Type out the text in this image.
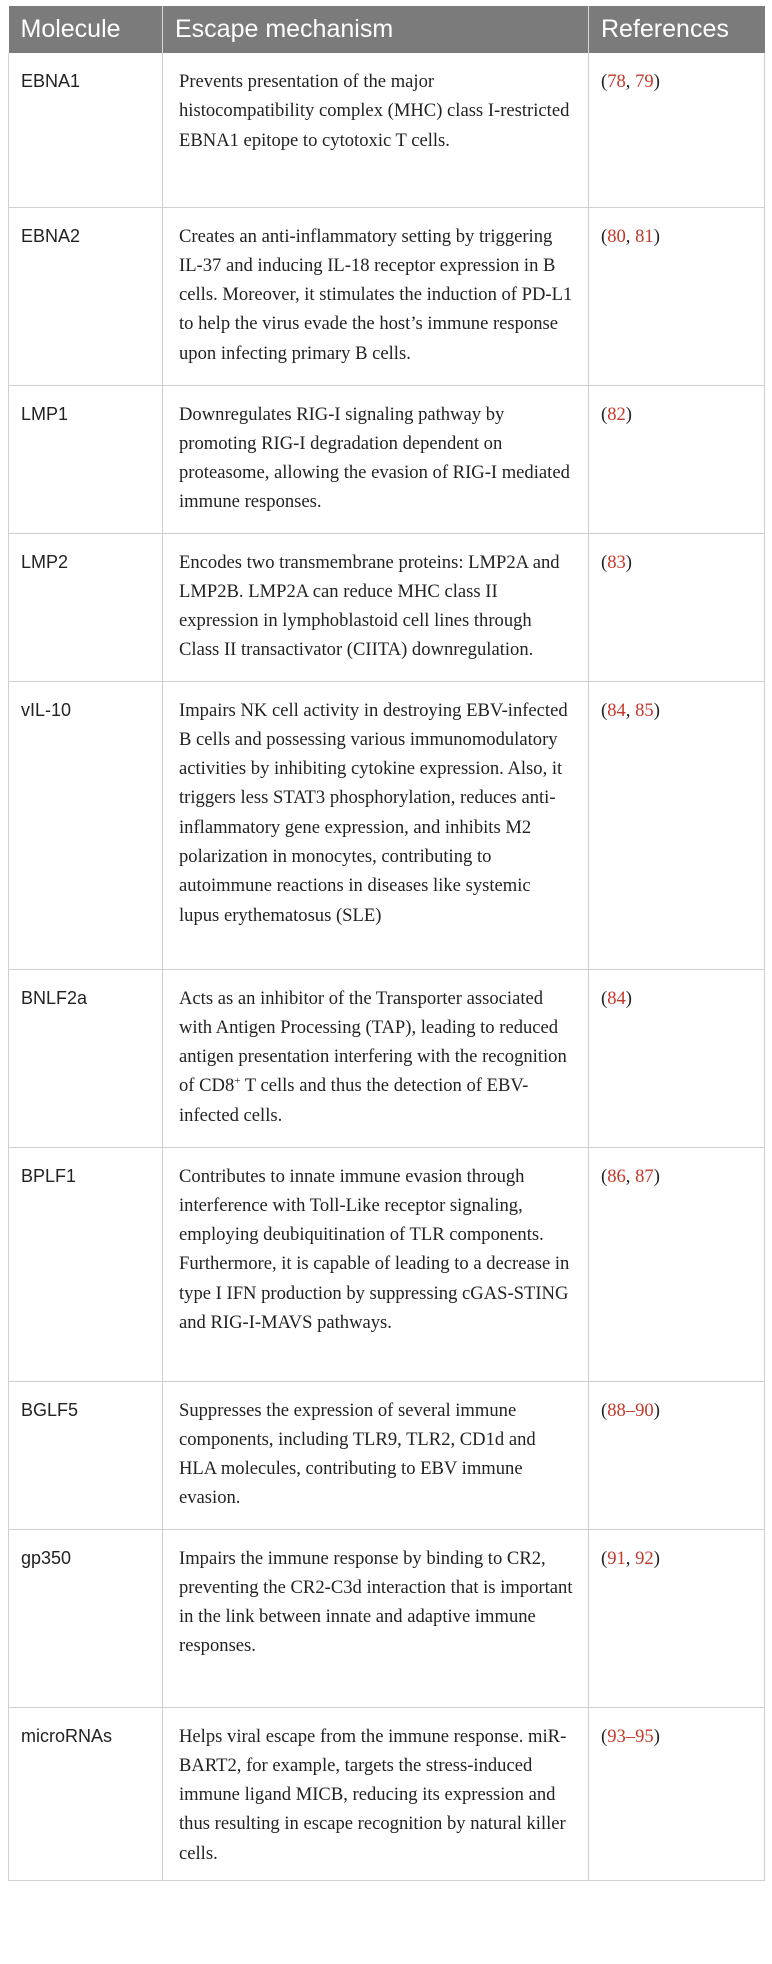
Molecule	Escape mechanism	References
EBNA1	Prevents presentation of the major histocompatibility complex (MHC) class I-restricted EBNA1 epitope to cytotoxic T cells.	(78, 79)
EBNA2	Creates an anti-inflammatory setting by triggering IL-37 and inducing IL-18 receptor expression in B cells. Moreover, it stimulates the induction of PD-L1 to help the virus evade the host’s immune response upon infecting primary B cells.	(80, 81)
LMP1	Downregulates RIG-I signaling pathway by promoting RIG-I degradation dependent on proteasome, allowing the evasion of RIG-I mediated immune responses.	(82)
LMP2	Encodes two transmembrane proteins: LMP2A and LMP2B. LMP2A can reduce MHC class II expression in lymphoblastoid cell lines through Class II transactivator (CIITA) downregulation.	(83)
vIL-10	Impairs NK cell activity in destroying EBV-infected B cells and possessing various immunomodulatory activities by inhibiting cytokine expression. Also, it triggers less STAT3 phosphorylation, reduces anti-inflammatory gene expression, and inhibits M2 polarization in monocytes, contributing to autoimmune reactions in diseases like systemic lupus erythematosus (SLE)	(84, 85)
BNLF2a	Acts as an inhibitor of the Transporter associated with Antigen Processing (TAP), leading to reduced antigen presentation interfering with the recognition of CD8+ T cells and thus the detection of EBV-infected cells.	(84)
BPLF1	Contributes to innate immune evasion through interference with Toll-Like receptor signaling, employing deubiquitination of TLR components. Furthermore, it is capable of leading to a decrease in type I IFN production by suppressing cGAS-STING and RIG-I-MAVS pathways.	(86, 87)
BGLF5	Suppresses the expression of several immune components, including TLR9, TLR2, CD1d and HLA molecules, contributing to EBV immune evasion.	(88–90)
gp350	Impairs the immune response by binding to CR2, preventing the CR2-C3d interaction that is important in the link between innate and adaptive immune responses.	(91, 92)
microRNAs	Helps viral escape from the immune response. miR-BART2, for example, targets the stress-induced immune ligand MICB, reducing its expression and thus resulting in escape recognition by natural killer cells.	(93–95)
